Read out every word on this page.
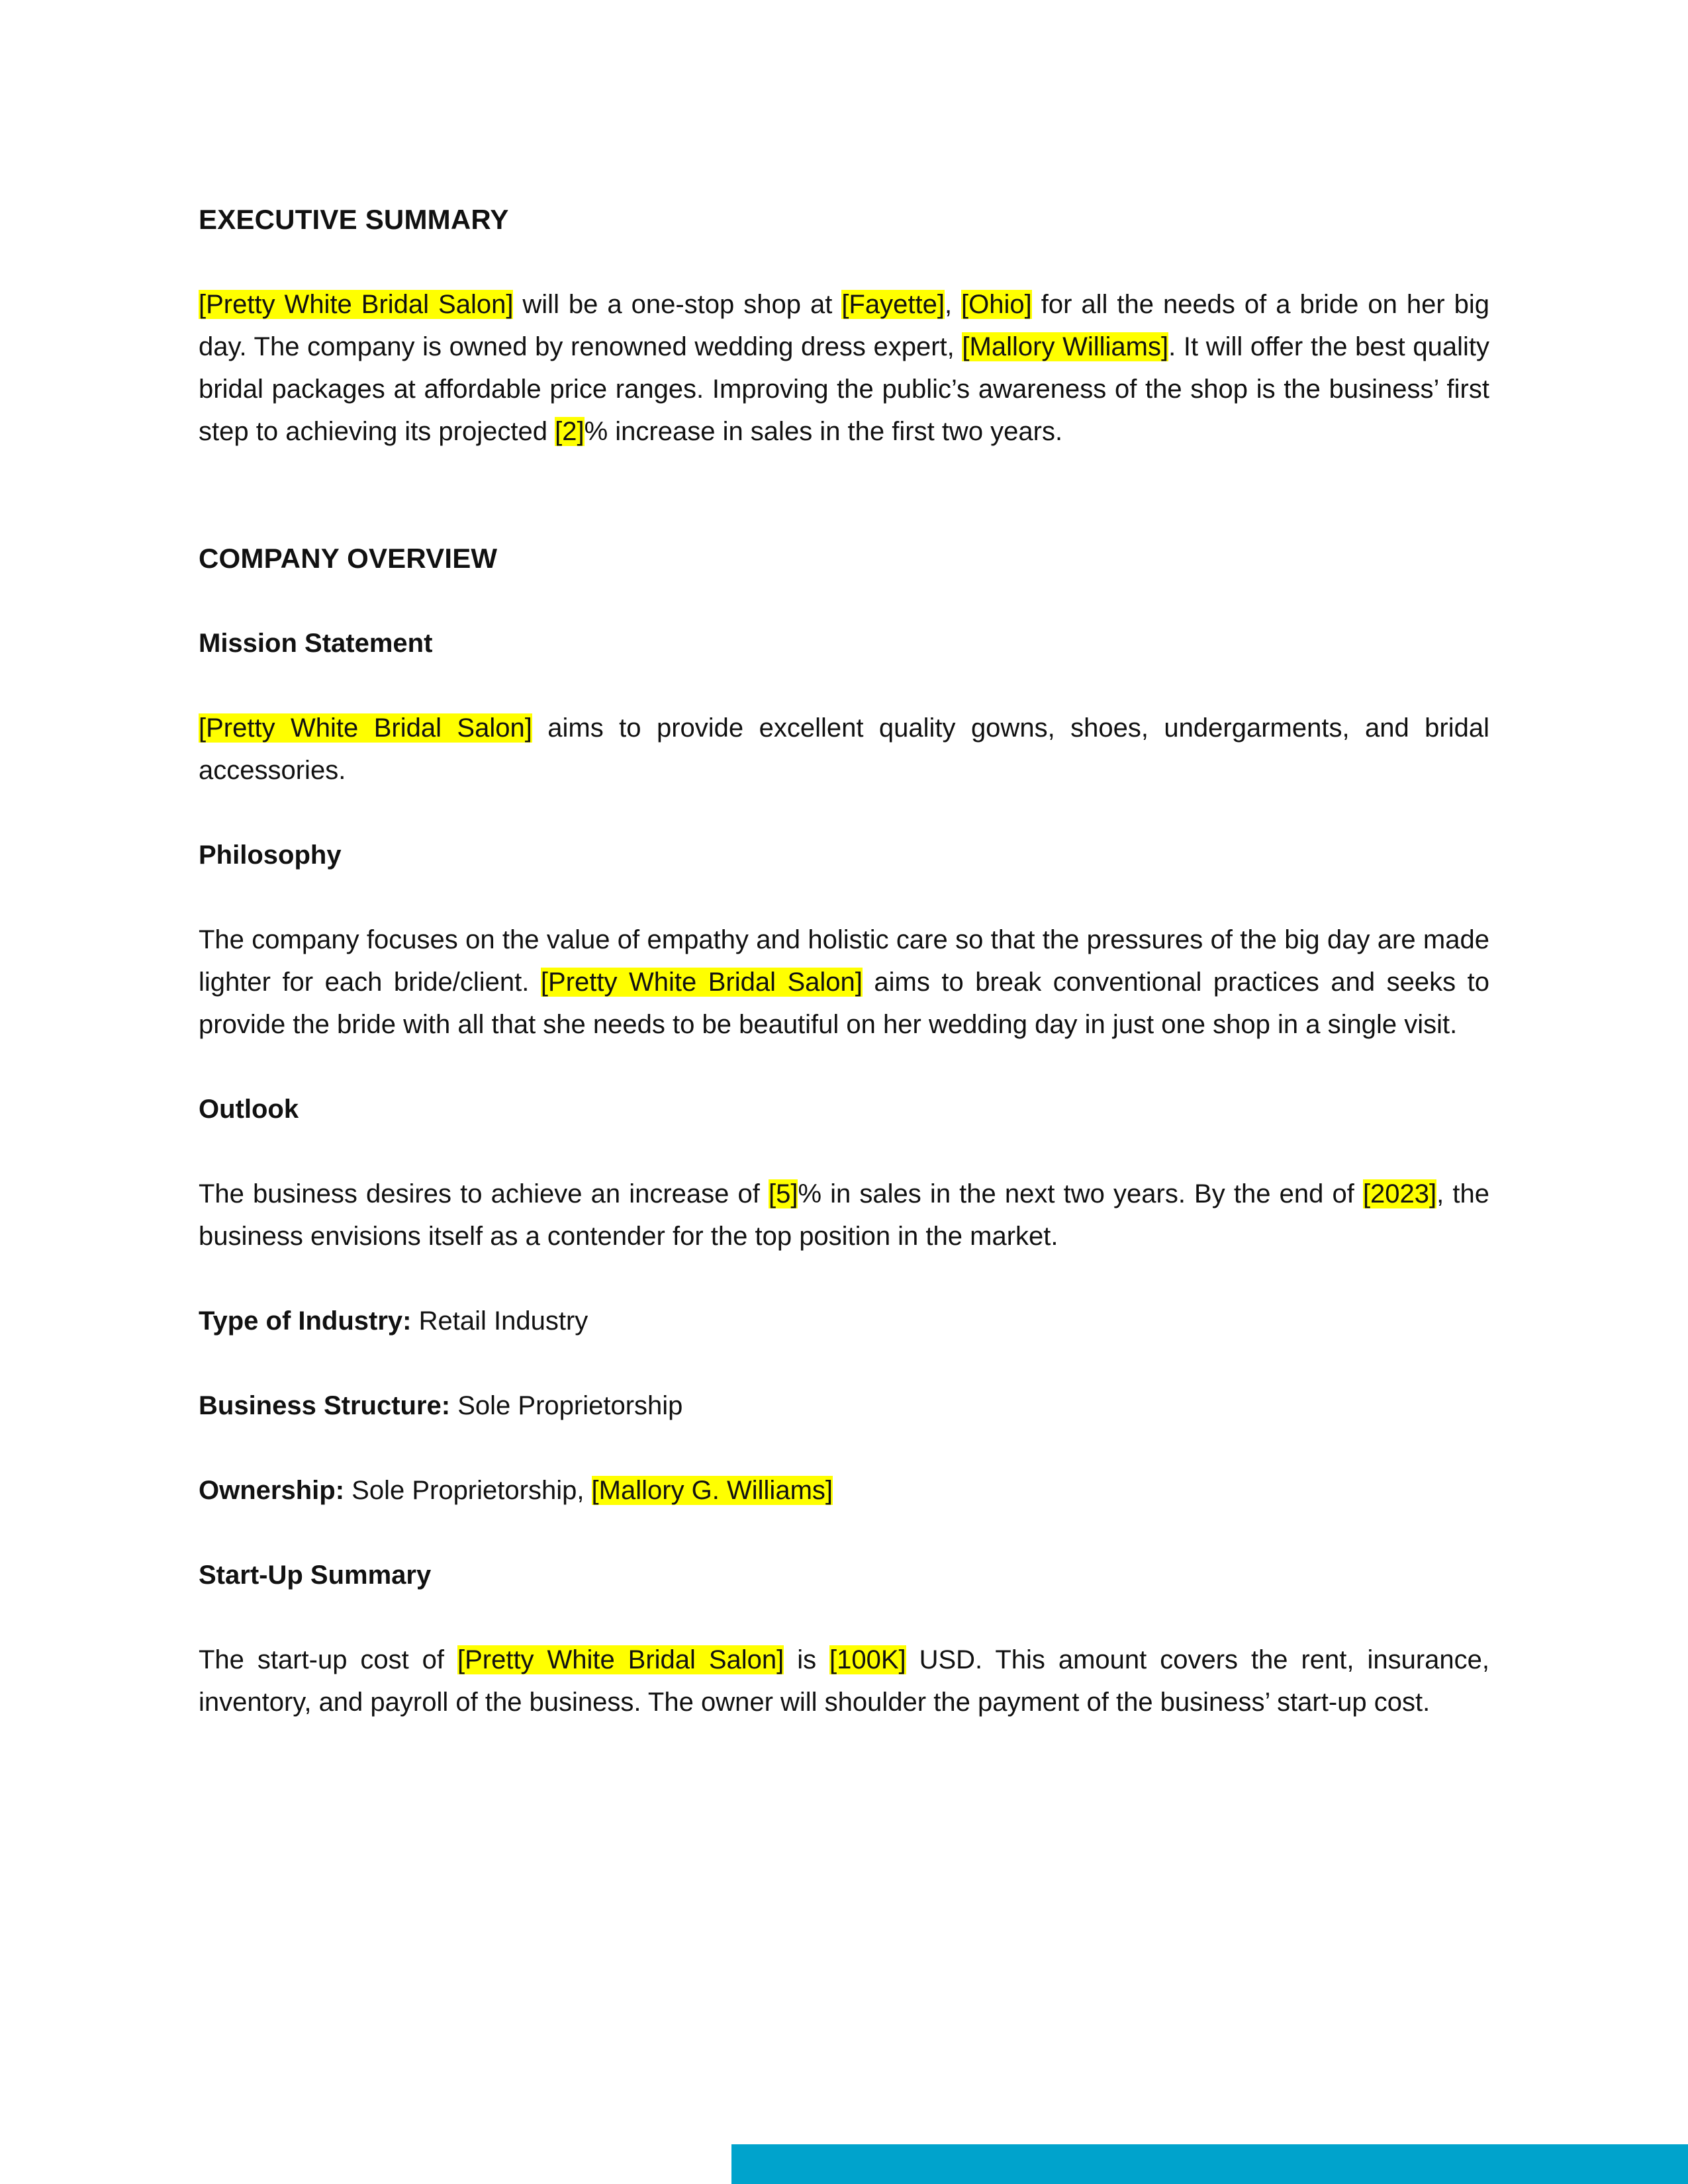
EXECUTIVE SUMMARY

[Pretty White Bridal Salon] will be a one-stop shop at [Fayette], [Ohio] for all the needs of a bride on her big day. The company is owned by renowned wedding dress expert, [Mallory Williams]. It will offer the best quality bridal packages at affordable price ranges. Improving the public’s awareness of the shop is the business’ first step to achieving its projected [2]% increase in sales in the first two years.

COMPANY OVERVIEW
Mission Statement

[Pretty White Bridal Salon] aims to provide excellent quality gowns, shoes, undergarments, and bridal accessories.

Philosophy

The company focuses on the value of empathy and holistic care so that the pressures of the big day are made lighter for each bride/client. [Pretty White Bridal Salon] aims to break conventional practices and seeks to provide the bride with all that she needs to be beautiful on her wedding day in just one shop in a single visit.

Outlook

The business desires to achieve an increase of [5]% in sales in the next two years. By the end of [2023], the business envisions itself as a contender for the top position in the market.

Type of Industry: Retail Industry

Business Structure: Sole Proprietorship

Ownership: Sole Proprietorship, [Mallory G. Williams]

Start-Up Summary

The start-up cost of [Pretty White Bridal Salon] is [100K] USD. This amount covers the rent, insurance, inventory, and payroll of the business. The owner will shoulder the payment of the business’ start-up cost.
